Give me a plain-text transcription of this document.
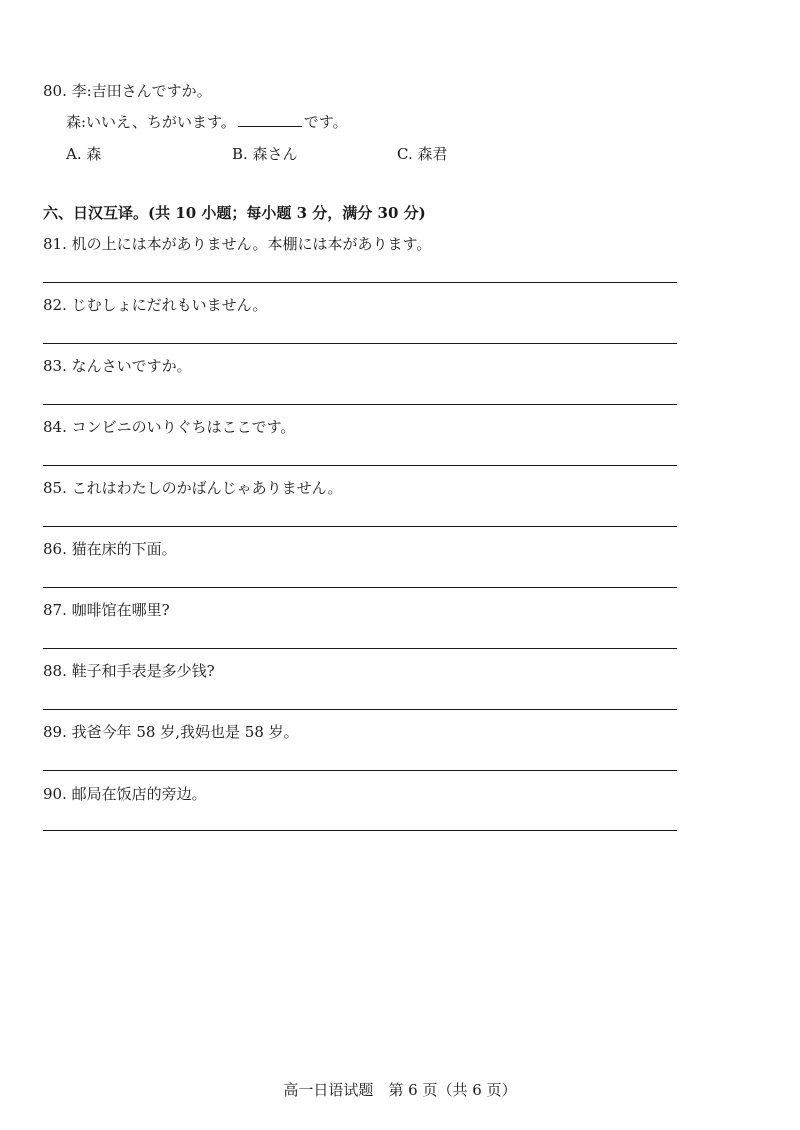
80. 李:吉田さんですか。
森:いいえ、ちがいます。	です。
A. 森	B. 森さん	C. 森君
六、日汉互译。(共 10 小题；每小题 3 分，满分 30 分)
81. 机の上には本がありません。本棚には本があります。
82. じむしょにだれもいません。
83. なんさいですか。
84. コンビニのいりぐちはここです。
85. これはわたしのかばんじゃありません。
86. 猫在床的下面。
87. 咖啡馆在哪里?
88. 鞋子和手表是多少钱?
89. 我爸今年 58 岁,我妈也是 58 岁。
90. 邮局在饭店的旁边。
高一日语试题　第 6 页（共 6 页）
